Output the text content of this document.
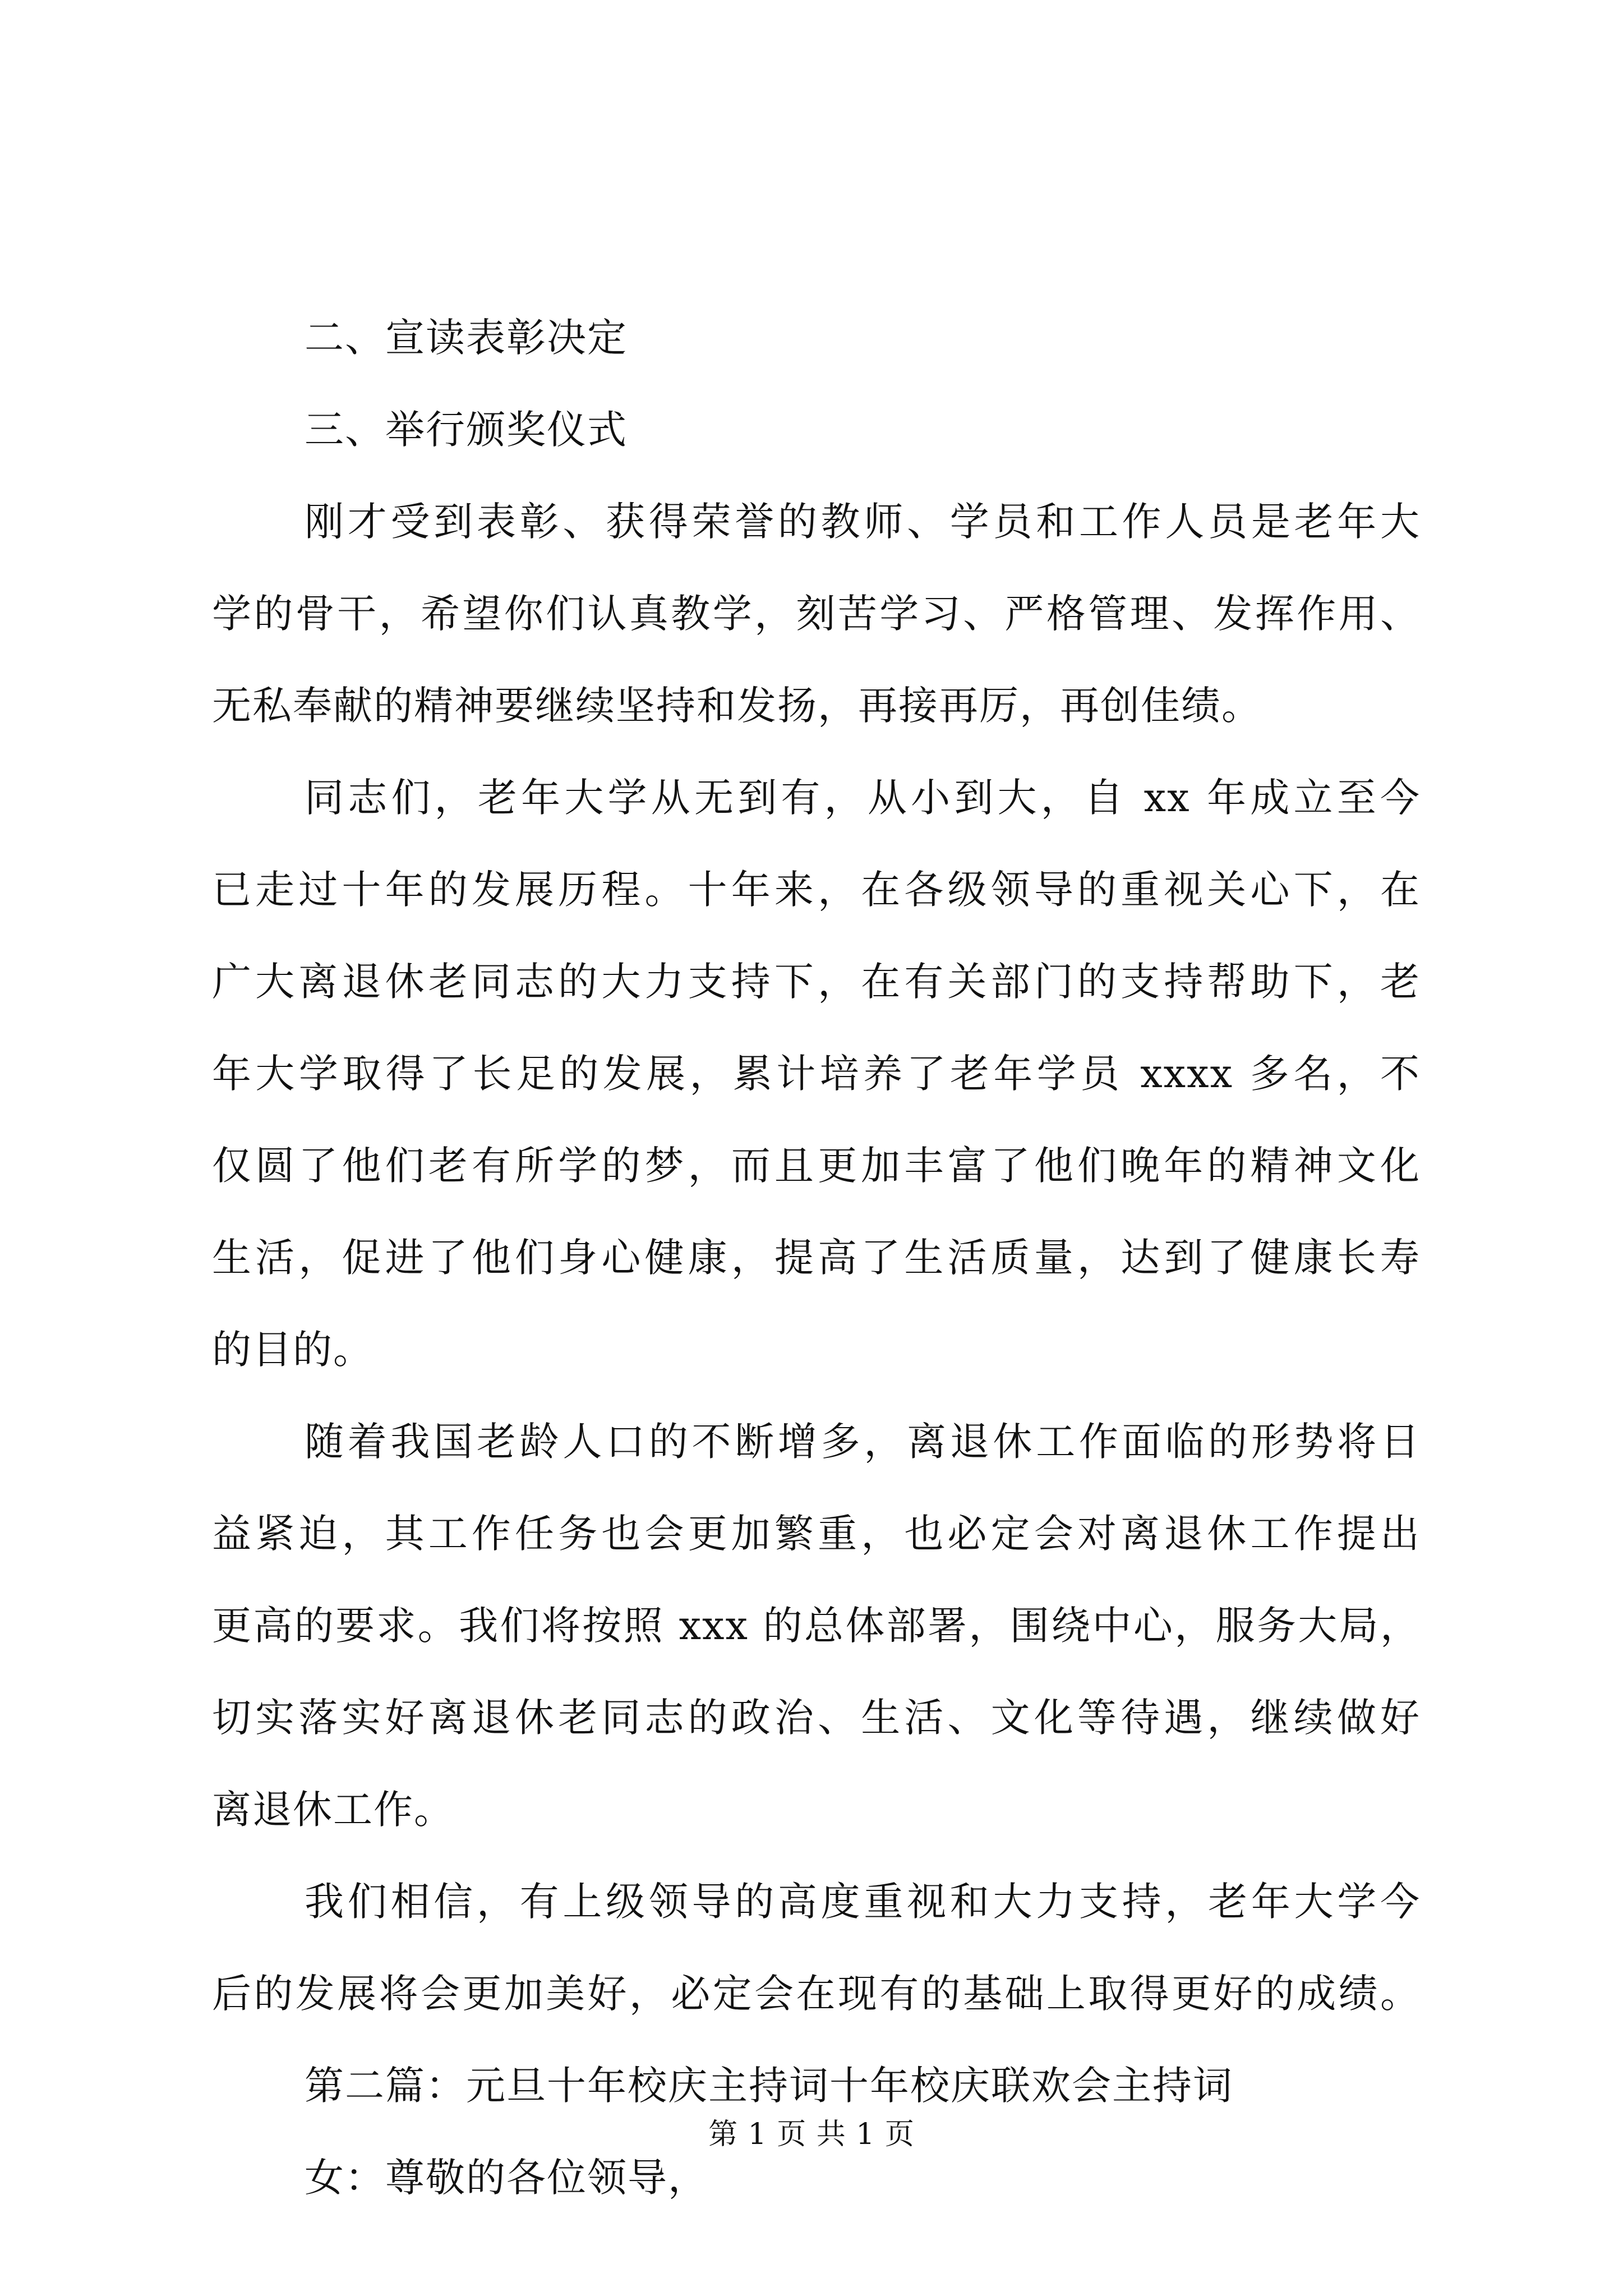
二、宣读表彰决定

三、举行颁奖仪式

刚才受到表彰、获得荣誉的教师、学员和工作人员是老年大

学的骨干，希望你们认真教学，刻苦学习、严格管理、发挥作用、

无私奉献的精神要继续坚持和发扬，再接再厉，再创佳绩。

同志们，老年大学从无到有，从小到大，自 xx 年成立至今

已走过十年的发展历程。十年来，在各级领导的重视关心下，在

广大离退休老同志的大力支持下，在有关部门的支持帮助下，老

年大学取得了长足的发展，累计培养了老年学员 xxxx 多名，不

仅圆了他们老有所学的梦，而且更加丰富了他们晚年的精神文化

生活，促进了他们身心健康，提高了生活质量，达到了健康长寿

的目的。

随着我国老龄人口的不断增多，离退休工作面临的形势将日

益紧迫，其工作任务也会更加繁重，也必定会对离退休工作提出

更高的要求。我们将按照 xxx 的总体部署，围绕中心，服务大局，

切实落实好离退休老同志的政治、生活、文化等待遇，继续做好

离退休工作。

我们相信，有上级领导的高度重视和大力支持，老年大学今

后的发展将会更加美好，必定会在现有的基础上取得更好的成绩。

第二篇：元旦十年校庆主持词十年校庆联欢会主持词

女：尊敬的各位领导，

第 1 页 共 1 页
